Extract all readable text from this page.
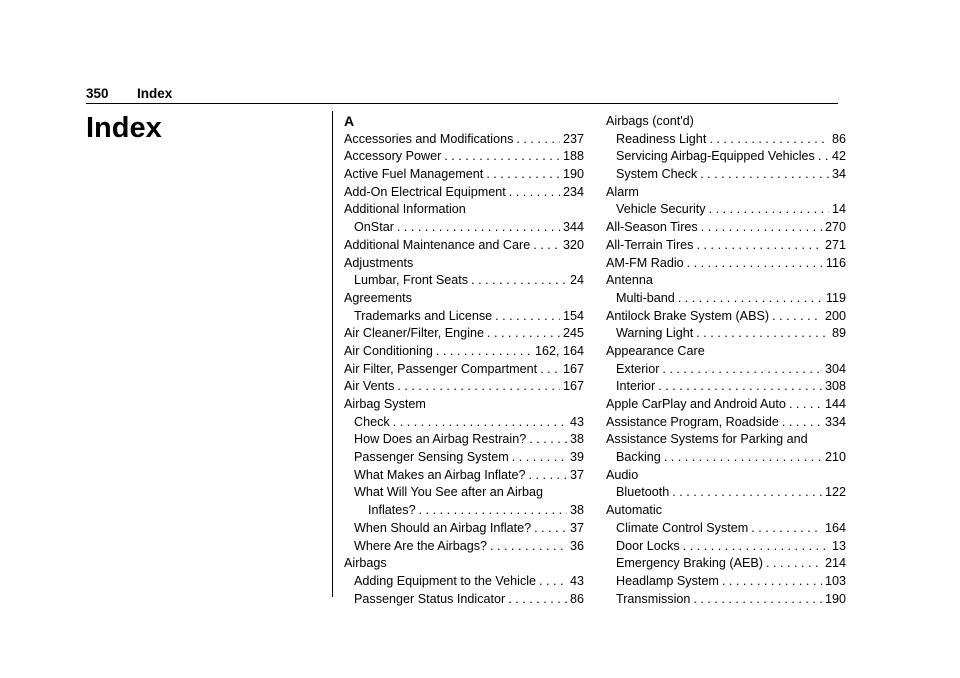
350 Index
Index	A
Accessories and Modifications . . .	237
Accessory Power . . .	188
Active Fuel Management . . .	190
Add-On Electrical Equipment . . .	234
Additional Information
OnStar . . .	344
Additional Maintenance and Care . . .	320
Adjustments
Lumbar, Front Seats . . .	24
Agreements
Trademarks and License . . .	154
Air Cleaner/Filter, Engine . . .	245
Air Conditioning . . .	162, 164
Air Filter, Passenger Compartment . . . 167
Air Vents . . .	167
Airbag System
Check . . .	43
How Does an Airbag Restrain? . . .	38
Passenger Sensing System . . .	39
What Makes an Airbag Inflate? . . .	37
What Will You See after an Airbag
Inflates? . . .	38
When Should an Airbag Inflate? . . .	37
Where Are the Airbags? . . .	36
Airbags
Adding Equipment to the Vehicle . . .	43
Passenger Status Indicator . . .	86
Airbags (cont'd)
Readiness Light . . .	86
Servicing Airbag-Equipped Vehicles . . . 42
System Check . . .	34
Alarm
Vehicle Security . . .	14
All-Season Tires . . .	270
All-Terrain Tires . . .	271
AM-FM Radio . . .	116
Antenna
Multi-band . . .	119
Antilock Brake System (ABS) . . .	200
Warning Light . . .	89
Appearance Care
Exterior . . .	304
Interior . . .	308
Apple CarPlay and Android Auto . . .	144
Assistance Program, Roadside . . .	334
Assistance Systems for Parking and
Backing . . .	210
Audio
Bluetooth . . .	122
Automatic
Climate Control System . . .	164
Door Locks . . .	13
Emergency Braking (AEB) . . .	214
Headlamp System . . .	103
Transmission . . .	190
